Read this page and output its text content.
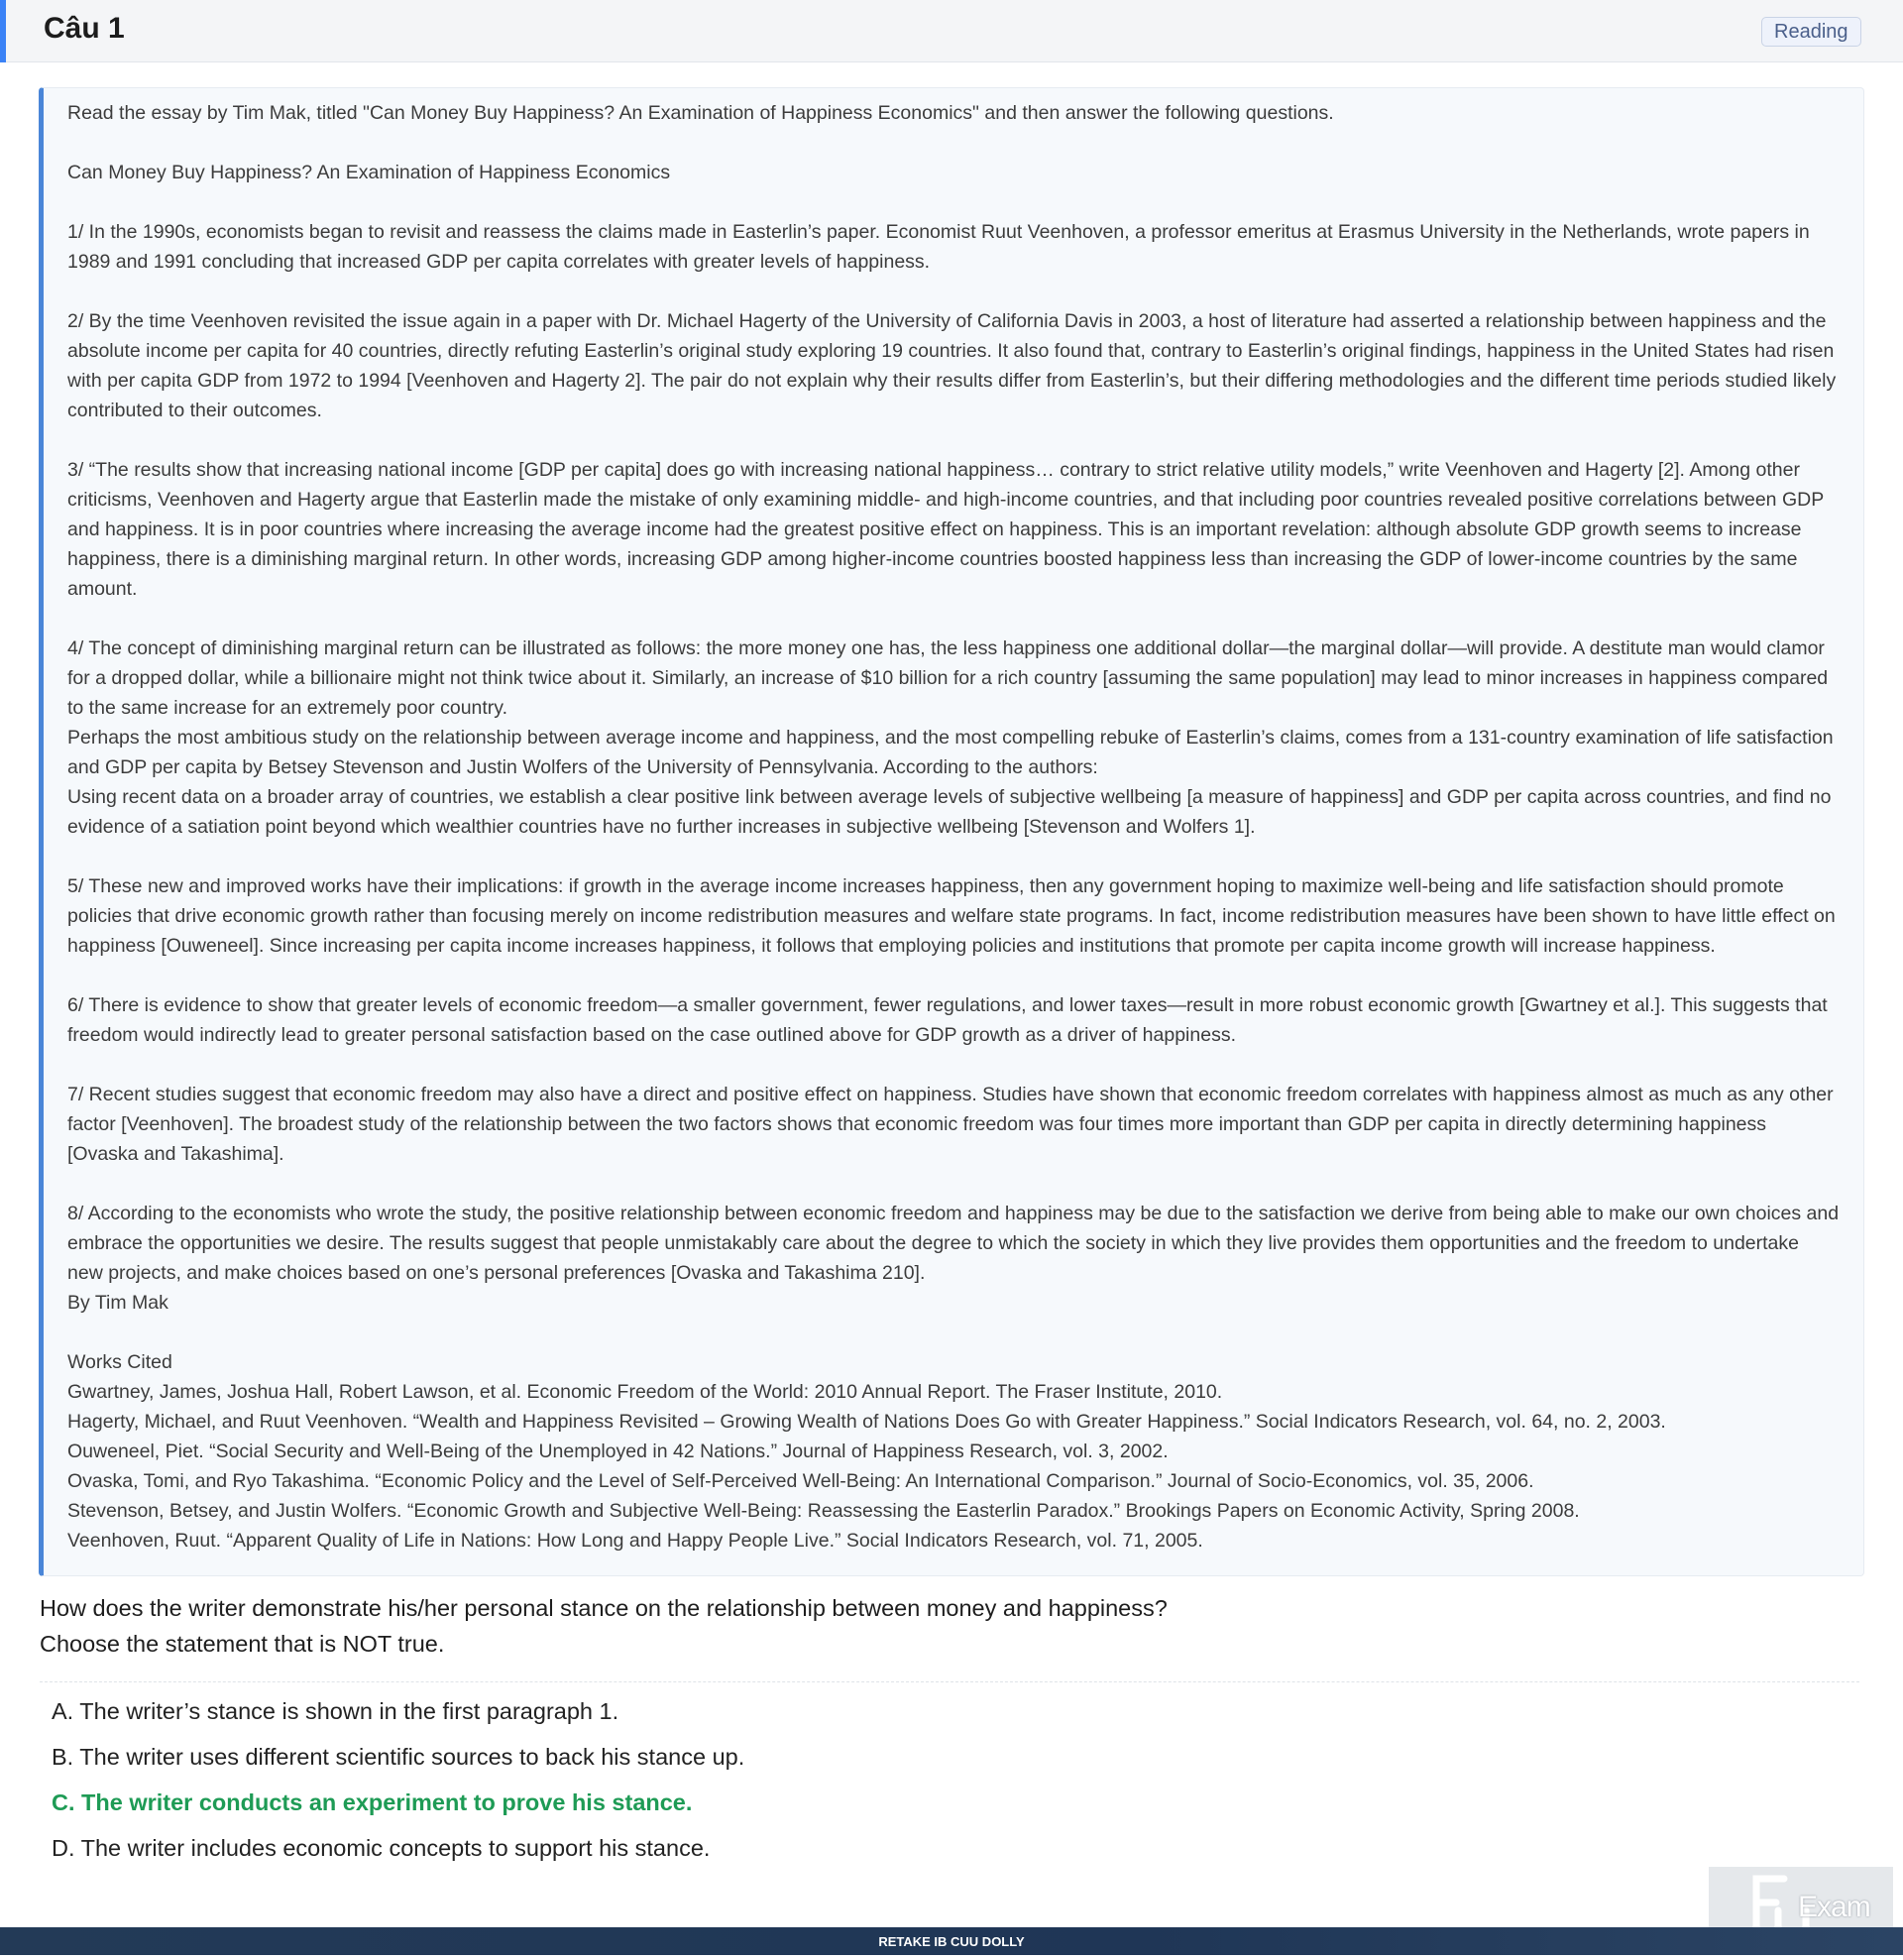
Câu 1	Reading

Read the essay by Tim Mak, titled "Can Money Buy Happiness? An Examination of Happiness Economics" and then answer the following questions.

Can Money Buy Happiness? An Examination of Happiness Economics

1/ In the 1990s, economists began to revisit and reassess the claims made in Easterlin’s paper. Economist Ruut Veenhoven, a professor emeritus at Erasmus University in the Netherlands, wrote papers in 1989 and 1991 concluding that increased GDP per capita correlates with greater levels of happiness.

2/ By the time Veenhoven revisited the issue again in a paper with Dr. Michael Hagerty of the University of California Davis in 2003, a host of literature had asserted a relationship between happiness and the absolute income per capita for 40 countries, directly refuting Easterlin’s original study exploring 19 countries. It also found that, contrary to Easterlin’s original findings, happiness in the United States had risen with per capita GDP from 1972 to 1994 [Veenhoven and Hagerty 2]. The pair do not explain why their results differ from Easterlin’s, but their differing methodologies and the different time periods studied likely contributed to their outcomes.

3/ “The results show that increasing national income [GDP per capita] does go with increasing national happiness… contrary to strict relative utility models,” write Veenhoven and Hagerty [2]. Among other criticisms, Veenhoven and Hagerty argue that Easterlin made the mistake of only examining middle- and high-income countries, and that including poor countries revealed positive correlations between GDP and happiness. It is in poor countries where increasing the average income had the greatest positive effect on happiness. This is an important revelation: although absolute GDP growth seems to increase happiness, there is a diminishing marginal return. In other words, increasing GDP among higher-income countries boosted happiness less than increasing the GDP of lower-income countries by the same amount.

4/ The concept of diminishing marginal return can be illustrated as follows: the more money one has, the less happiness one additional dollar—the marginal dollar—will provide. A destitute man would clamor for a dropped dollar, while a billionaire might not think twice about it. Similarly, an increase of $10 billion for a rich country [assuming the same population] may lead to minor increases in happiness compared to the same increase for an extremely poor country.

Perhaps the most ambitious study on the relationship between average income and happiness, and the most compelling rebuke of Easterlin’s claims, comes from a 131-country examination of life satisfaction and GDP per capita by Betsey Stevenson and Justin Wolfers of the University of Pennsylvania. According to the authors:

Using recent data on a broader array of countries, we establish a clear positive link between average levels of subjective wellbeing [a measure of happiness] and GDP per capita across countries, and find no evidence of a satiation point beyond which wealthier countries have no further increases in subjective wellbeing [Stevenson and Wolfers 1].

5/ These new and improved works have their implications: if growth in the average income increases happiness, then any government hoping to maximize well-being and life satisfaction should promote policies that drive economic growth rather than focusing merely on income redistribution measures and welfare state programs. In fact, income redistribution measures have been shown to have little effect on happiness [Ouweneel]. Since increasing per capita income increases happiness, it follows that employing policies and institutions that promote per capita income growth will increase happiness.

6/ There is evidence to show that greater levels of economic freedom—a smaller government, fewer regulations, and lower taxes—result in more robust economic growth [Gwartney et al.]. This suggests that freedom would indirectly lead to greater personal satisfaction based on the case outlined above for GDP growth as a driver of happiness.

7/ Recent studies suggest that economic freedom may also have a direct and positive effect on happiness. Studies have shown that economic freedom correlates with happiness almost as much as any other factor [Veenhoven]. The broadest study of the relationship between the two factors shows that economic freedom was four times more important than GDP per capita in directly determining happiness [Ovaska and Takashima].

8/ According to the economists who wrote the study, the positive relationship between economic freedom and happiness may be due to the satisfaction we derive from being able to make our own choices and embrace the opportunities we desire. The results suggest that people unmistakably care about the degree to which the society in which they live provides them opportunities and the freedom to undertake new projects, and make choices based on one’s personal preferences [Ovaska and Takashima 210].

By Tim Mak

Works Cited

Gwartney, James, Joshua Hall, Robert Lawson, et al. Economic Freedom of the World: 2010 Annual Report. The Fraser Institute, 2010.

Hagerty, Michael, and Ruut Veenhoven. “Wealth and Happiness Revisited – Growing Wealth of Nations Does Go with Greater Happiness.” Social Indicators Research, vol. 64, no. 2, 2003.

Ouweneel, Piet. “Social Security and Well-Being of the Unemployed in 42 Nations.” Journal of Happiness Research, vol. 3, 2002.

Ovaska, Tomi, and Ryo Takashima. “Economic Policy and the Level of Self-Perceived Well-Being: An International Comparison.” Journal of Socio-Economics, vol. 35, 2006.

Stevenson, Betsey, and Justin Wolfers. “Economic Growth and Subjective Well-Being: Reassessing the Easterlin Paradox.” Brookings Papers on Economic Activity, Spring 2008.

Veenhoven, Ruut. “Apparent Quality of Life in Nations: How Long and Happy People Live.” Social Indicators Research, vol. 71, 2005.

How does the writer demonstrate his/her personal stance on the relationship between money and happiness?

Choose the statement that is NOT true.

A. The writer’s stance is shown in the first paragraph 1.
B. The writer uses different scientific sources to back his stance up.
C. The writer conducts an experiment to prove his stance.
D. The writer includes economic concepts to support his stance.
Exam
RETAKE IB CUU DOLLY
